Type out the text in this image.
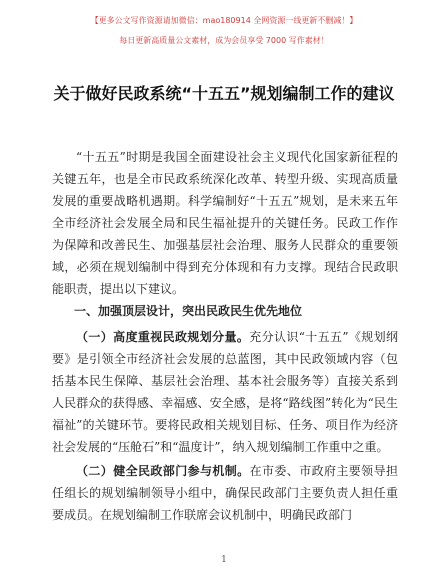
【更多公文写作资源请加微信：mao180914 全网资源一线更新不删减！】
每日更新高质量公文素材，成为会员享受 7000 写作素材！
关于做好民政系统“十五五”规划编制工作的建议
“十五五”时期是我国全面建设社会主义现代化国家新征程的关键五年，也是全市民政系统深化改革、转型升级、实现高质量发展的重要战略机遇期。科学编制好“十五五”规划，是未来五年全市经济社会发展全局和民生福祉提升的关键任务。民政工作作为保障和改善民生、加强基层社会治理、服务人民群众的重要领域，必须在规划编制中得到充分体现和有力支撑。现结合民政职能职责，提出以下建议。
一、加强顶层设计，突出民政民生优先地位
（一）高度重视民政规划分量。充分认识“十五五”《规划纲要》是引领全市经济社会发展的总蓝图，其中民政领域内容（包括基本民生保障、基层社会治理、基本社会服务等）直接关系到人民群众的获得感、幸福感、安全感，是将“路线图”转化为“民生福祉”的关键环节。要将民政相关规划目标、任务、项目作为经济社会发展的“压舱石”和“温度计”，纳入规划编制工作重中之重。
（二）健全民政部门参与机制。在市委、市政府主要领导担任组长的规划编制领导小组中，确保民政部门主要负责人担任重要成员。在规划编制工作联席会议机制中，明确民政部门
1
